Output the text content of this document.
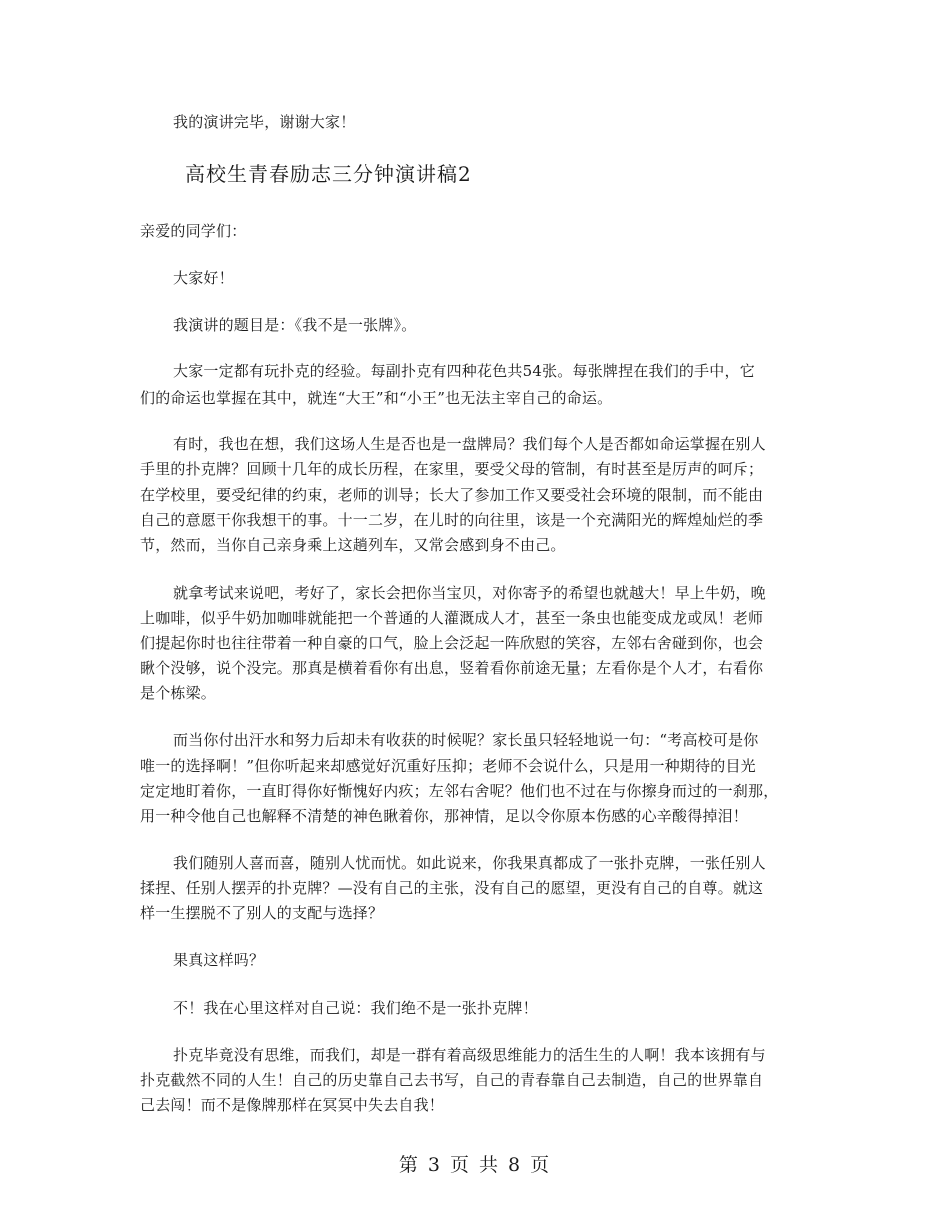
我的演讲完毕，谢谢大家！
高校生青春励志三分钟演讲稿2
亲爱的同学们：
大家好！
我演讲的题目是：《我不是一张牌》。
大家一定都有玩扑克的经验。每副扑克有四种花色共54张。每张牌捏在我们的手中，它
们的命运也掌握在其中，就连“大王”和“小王”也无法主宰自己的命运。
有时，我也在想，我们这场人生是否也是一盘牌局？我们每个人是否都如命运掌握在别人
手里的扑克牌？回顾十几年的成长历程，在家里，要受父母的管制，有时甚至是厉声的呵斥；
在学校里，要受纪律的约束，老师的训导；长大了参加工作又要受社会环境的限制，而不能由
自己的意愿干你我想干的事。十一二岁，在儿时的向往里，该是一个充满阳光的辉煌灿烂的季
节，然而，当你自己亲身乘上这趟列车，又常会感到身不由己。
就拿考试来说吧，考好了，家长会把你当宝贝，对你寄予的希望也就越大！早上牛奶，晚
上咖啡，似乎牛奶加咖啡就能把一个普通的人灌溉成人才，甚至一条虫也能变成龙或凤！老师
们提起你时也往往带着一种自豪的口气，脸上会泛起一阵欣慰的笑容，左邻右舍碰到你，也会
瞅个没够，说个没完。那真是横着看你有出息，竖着看你前途无量；左看你是个人才，右看你
是个栋梁。
而当你付出汗水和努力后却未有收获的时候呢？家长虽只轻轻地说一句：“考高校可是你
唯一的选择啊！”但你听起来却感觉好沉重好压抑；老师不会说什么，只是用一种期待的目光
定定地盯着你，一直盯得你好惭愧好内疚；左邻右舍呢？他们也不过在与你擦身而过的一刹那，
用一种令他自己也解释不清楚的神色瞅着你，那神情，足以令你原本伤感的心辛酸得掉泪！
我们随别人喜而喜，随别人忧而忧。如此说来，你我果真都成了一张扑克牌，一张任别人
揉捏、任别人摆弄的扑克牌？—没有自己的主张，没有自己的愿望，更没有自己的自尊。就这
样一生摆脱不了别人的支配与选择？
果真这样吗？
不！我在心里这样对自己说：我们绝不是一张扑克牌！
扑克毕竟没有思维，而我们，却是一群有着高级思维能力的活生生的人啊！我本该拥有与
扑克截然不同的人生！自己的历史靠自己去书写，自己的青春靠自己去制造，自己的世界靠自
己去闯！而不是像牌那样在冥冥中失去自我！
第 3 页 共 8 页
